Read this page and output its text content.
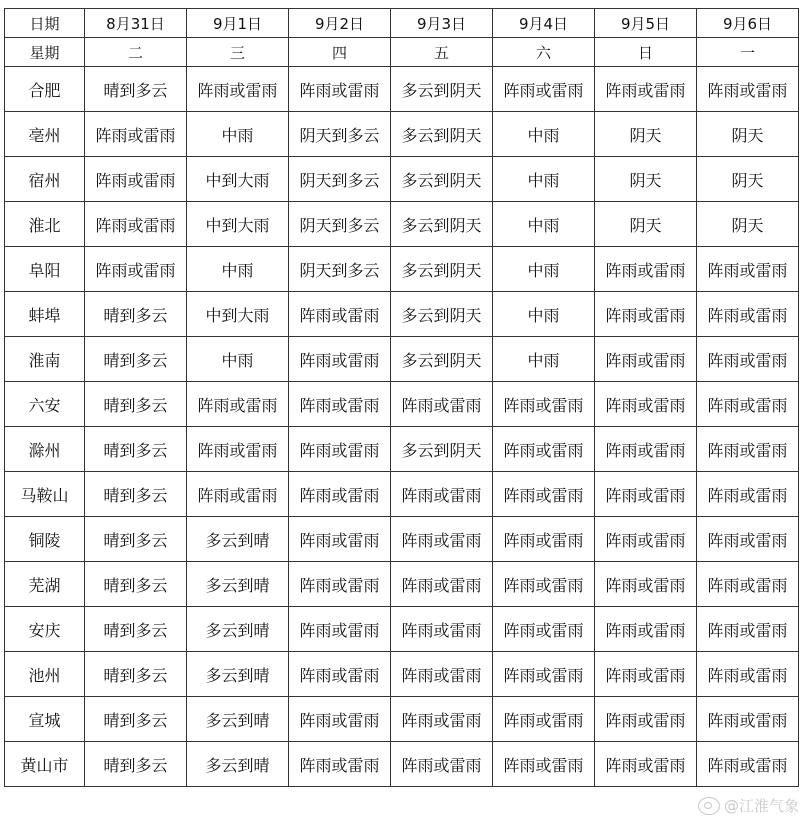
日期	8月31日	9月1日	9月2日	9月3日	9月4日	9月5日	9月6日
星期	二	三	四	五	六	日	一
合肥	晴到多云	阵雨或雷雨	阵雨或雷雨	多云到阴天	阵雨或雷雨	阵雨或雷雨	阵雨或雷雨
亳州	阵雨或雷雨	中雨	阴天到多云	多云到阴天	中雨	阴天	阴天
宿州	阵雨或雷雨	中到大雨	阴天到多云	多云到阴天	中雨	阴天	阴天
淮北	阵雨或雷雨	中到大雨	阴天到多云	多云到阴天	中雨	阴天	阴天
阜阳	阵雨或雷雨	中雨	阴天到多云	多云到阴天	中雨	阵雨或雷雨	阵雨或雷雨
蚌埠	晴到多云	中到大雨	阵雨或雷雨	多云到阴天	中雨	阵雨或雷雨	阵雨或雷雨
淮南	晴到多云	中雨	阵雨或雷雨	多云到阴天	中雨	阵雨或雷雨	阵雨或雷雨
六安	晴到多云	阵雨或雷雨	阵雨或雷雨	阵雨或雷雨	阵雨或雷雨	阵雨或雷雨	阵雨或雷雨
滁州	晴到多云	阵雨或雷雨	阵雨或雷雨	多云到阴天	阵雨或雷雨	阵雨或雷雨	阵雨或雷雨
马鞍山	晴到多云	阵雨或雷雨	阵雨或雷雨	阵雨或雷雨	阵雨或雷雨	阵雨或雷雨	阵雨或雷雨
铜陵	晴到多云	多云到晴	阵雨或雷雨	阵雨或雷雨	阵雨或雷雨	阵雨或雷雨	阵雨或雷雨
芜湖	晴到多云	多云到晴	阵雨或雷雨	阵雨或雷雨	阵雨或雷雨	阵雨或雷雨	阵雨或雷雨
安庆	晴到多云	多云到晴	阵雨或雷雨	阵雨或雷雨	阵雨或雷雨	阵雨或雷雨	阵雨或雷雨
池州	晴到多云	多云到晴	阵雨或雷雨	阵雨或雷雨	阵雨或雷雨	阵雨或雷雨	阵雨或雷雨
宣城	晴到多云	多云到晴	阵雨或雷雨	阵雨或雷雨	阵雨或雷雨	阵雨或雷雨	阵雨或雷雨
黄山市	晴到多云	多云到晴	阵雨或雷雨	阵雨或雷雨	阵雨或雷雨	阵雨或雷雨	阵雨或雷雨
@江淮气象
